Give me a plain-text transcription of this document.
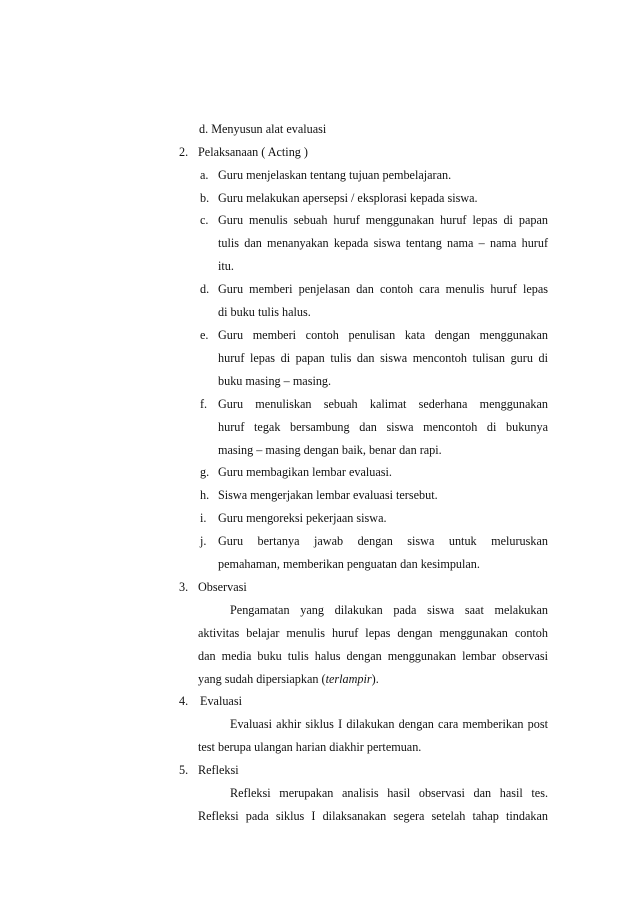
d. Menyusun alat evaluasi
2. Pelaksanaan ( Acting )
a. Guru menjelaskan tentang tujuan pembelajaran.
b. Guru melakukan apersepsi / eksplorasi kepada siswa.
c. Guru menulis sebuah huruf menggunakan huruf lepas di papan
tulis dan menanyakan kepada siswa tentang nama – nama huruf
itu.
d. Guru memberi penjelasan dan contoh cara menulis huruf lepas
di buku tulis halus.
e. Guru memberi contoh penulisan kata dengan menggunakan
huruf lepas di papan tulis dan siswa mencontoh tulisan guru di
buku masing – masing.
f. Guru menuliskan sebuah kalimat sederhana menggunakan
huruf tegak bersambung dan siswa mencontoh di bukunya
masing – masing dengan baik, benar dan rapi.
g. Guru membagikan lembar evaluasi.
h. Siswa mengerjakan lembar evaluasi tersebut.
i. Guru mengoreksi pekerjaan siswa.
j. Guru bertanya jawab dengan siswa untuk meluruskan
pemahaman, memberikan penguatan dan kesimpulan.
3. Observasi
Pengamatan yang dilakukan pada siswa saat melakukan
aktivitas belajar menulis huruf lepas dengan menggunakan contoh
dan media buku tulis halus dengan menggunakan lembar observasi
yang sudah dipersiapkan (terlampir).
4. Evaluasi
Evaluasi akhir siklus I dilakukan dengan cara memberikan post
test berupa ulangan harian diakhir pertemuan.
5. Refleksi
Refleksi merupakan analisis hasil observasi dan hasil tes.
Refleksi pada siklus I dilaksanakan segera setelah tahap tindakan
